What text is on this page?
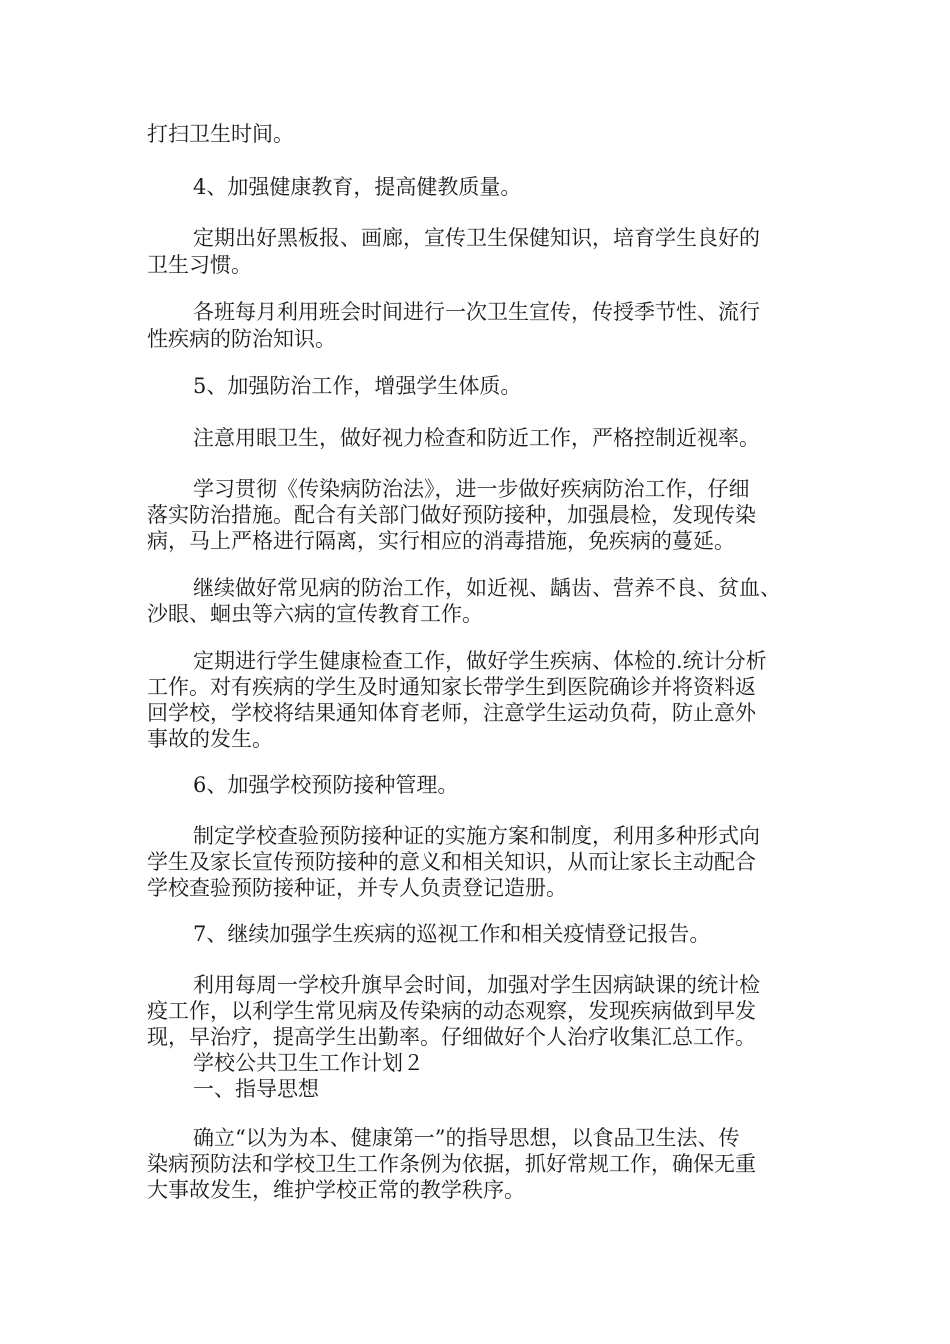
打扫卫生时间。
4、加强健康教育，提高健教质量。
定期出好黑板报、画廊，宣传卫生保健知识，培育学生良好的
卫生习惯。
各班每月利用班会时间进行一次卫生宣传，传授季节性、流行
性疾病的防治知识。
5、加强防治工作，增强学生体质。
注意用眼卫生，做好视力检查和防近工作，严格控制近视率。
学习贯彻《传染病防治法》，进一步做好疾病防治工作，仔细
落实防治措施。配合有关部门做好预防接种，加强晨检，发现传染
病，马上严格进行隔离，实行相应的消毒措施，免疾病的蔓延。
继续做好常见病的防治工作，如近视、龋齿、营养不良、贫血、
沙眼、蛔虫等六病的宣传教育工作。
定期进行学生健康检查工作，做好学生疾病、体检的.统计分析
工作。对有疾病的学生及时通知家长带学生到医院确诊并将资料返
回学校，学校将结果通知体育老师，注意学生运动负荷，防止意外
事故的发生。
6、加强学校预防接种管理。
制定学校查验预防接种证的实施方案和制度，利用多种形式向
学生及家长宣传预防接种的意义和相关知识，从而让家长主动配合
学校查验预防接种证，并专人负责登记造册。
7、继续加强学生疾病的巡视工作和相关疫情登记报告。
利用每周一学校升旗早会时间，加强对学生因病缺课的统计检
疫工作，以利学生常见病及传染病的动态观察，发现疾病做到早发
现，早治疗，提高学生出勤率。仔细做好个人治疗收集汇总工作。
学校公共卫生工作计划２
一、指导思想
确立“以为为本、健康第一”的指导思想，以食品卫生法、传
染病预防法和学校卫生工作条例为依据，抓好常规工作，确保无重
大事故发生，维护学校正常的教学秩序。
